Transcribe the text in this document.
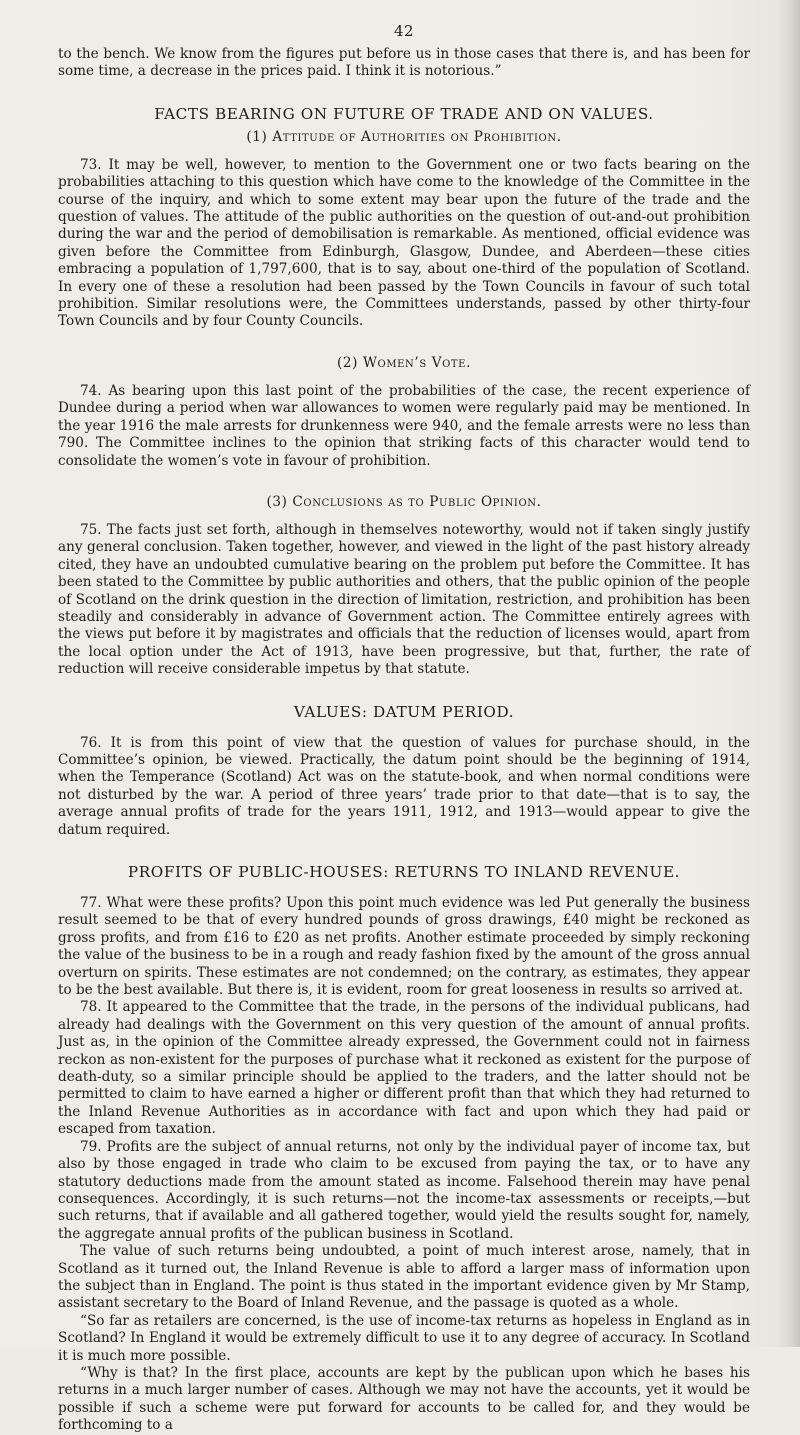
42

to the bench. We know from the figures put before us in those cases that there is, and has been for some time, a decrease in the prices paid. I think it is notorious.”

FACTS BEARING ON FUTURE OF TRADE AND ON VALUES.
(1) Attitude of Authorities on Prohibition.

73. It may be well, however, to mention to the Government one or two facts bearing on the probabilities attaching to this question which have come to the knowledge of the Committee in the course of the inquiry, and which to some extent may bear upon the future of the trade and the question of values. The attitude of the public authorities on the question of out-and-out prohibition during the war and the period of demobilisation is remarkable. As mentioned, official evidence was given before the Committee from Edinburgh, Glasgow, Dundee, and Aberdeen—these cities embracing a population of 1,797,600, that is to say, about one-third of the population of Scotland. In every one of these a resolution had been passed by the Town Councils in favour of such total prohibition. Similar resolutions were, the Committees understands, passed by other thirty-four Town Councils and by four County Councils.

(2) Women’s Vote.

74. As bearing upon this last point of the probabilities of the case, the recent experience of Dundee during a period when war allowances to women were regularly paid may be mentioned. In the year 1916 the male arrests for drunkenness were 940, and the female arrests were no less than 790. The Committee inclines to the opinion that striking facts of this character would tend to consolidate the women’s vote in favour of prohibition.

(3) Conclusions as to Public Opinion.

75. The facts just set forth, although in themselves noteworthy, would not if taken singly justify any general conclusion. Taken together, however, and viewed in the light of the past history already cited, they have an undoubted cumulative bearing on the problem put before the Committee. It has been stated to the Committee by public authorities and others, that the public opinion of the people of Scotland on the drink question in the direction of limitation, restriction, and prohibition has been steadily and considerably in advance of Government action. The Committee entirely agrees with the views put before it by magistrates and officials that the reduction of licenses would, apart from the local option under the Act of 1913, have been progressive, but that, further, the rate of reduction will receive considerable impetus by that statute.

VALUES: DATUM PERIOD.

76. It is from this point of view that the question of values for purchase should, in the Committee’s opinion, be viewed. Practically, the datum point should be the beginning of 1914, when the Temperance (Scotland) Act was on the statute-book, and when normal conditions were not disturbed by the war. A period of three years’ trade prior to that date—that is to say, the average annual profits of trade for the years 1911, 1912, and 1913—would appear to give the datum required.

PROFITS OF PUBLIC-HOUSES: RETURNS TO INLAND REVENUE.

77. What were these profits? Upon this point much evidence was led Put generally the business result seemed to be that of every hundred pounds of gross drawings, £40 might be reckoned as gross profits, and from £16 to £20 as net profits. Another estimate proceeded by simply reckoning the value of the business to be in a rough and ready fashion fixed by the amount of the gross annual overturn on spirits. These estimates are not condemned; on the contrary, as estimates, they appear to be the best available. But there is, it is evident, room for great looseness in results so arrived at.

78. It appeared to the Committee that the trade, in the persons of the individual publicans, had already had dealings with the Government on this very question of the amount of annual profits. Just as, in the opinion of the Committee already expressed, the Government could not in fairness reckon as non-existent for the purposes of purchase what it reckoned as existent for the purpose of death-duty, so a similar principle should be applied to the traders, and the latter should not be permitted to claim to have earned a higher or different profit than that which they had returned to the Inland Revenue Authorities as in accordance with fact and upon which they had paid or escaped from taxation.

79. Profits are the subject of annual returns, not only by the individual payer of income tax, but also by those engaged in trade who claim to be excused from paying the tax, or to have any statutory deductions made from the amount stated as income. Falsehood therein may have penal consequences. Accordingly, it is such returns—not the income-tax assessments or receipts,—but such returns, that if available and all gathered together, would yield the results sought for, namely, the aggregate annual profits of the publican business in Scotland.

The value of such returns being undoubted, a point of much interest arose, namely, that in Scotland as it turned out, the Inland Revenue is able to afford a larger mass of information upon the subject than in England. The point is thus stated in the important evidence given by Mr Stamp, assistant secretary to the Board of Inland Revenue, and the passage is quoted as a whole.

“So far as retailers are concerned, is the use of income-tax returns as hopeless in England as in Scotland? In England it would be extremely difficult to use it to any degree of accuracy. In Scotland it is much more possible.

“Why is that? In the first place, accounts are kept by the publican upon which he bases his returns in a much larger number of cases. Although we may not have the accounts, yet it would be possible if such a scheme were put forward for accounts to be called for, and they would be forthcoming to a
